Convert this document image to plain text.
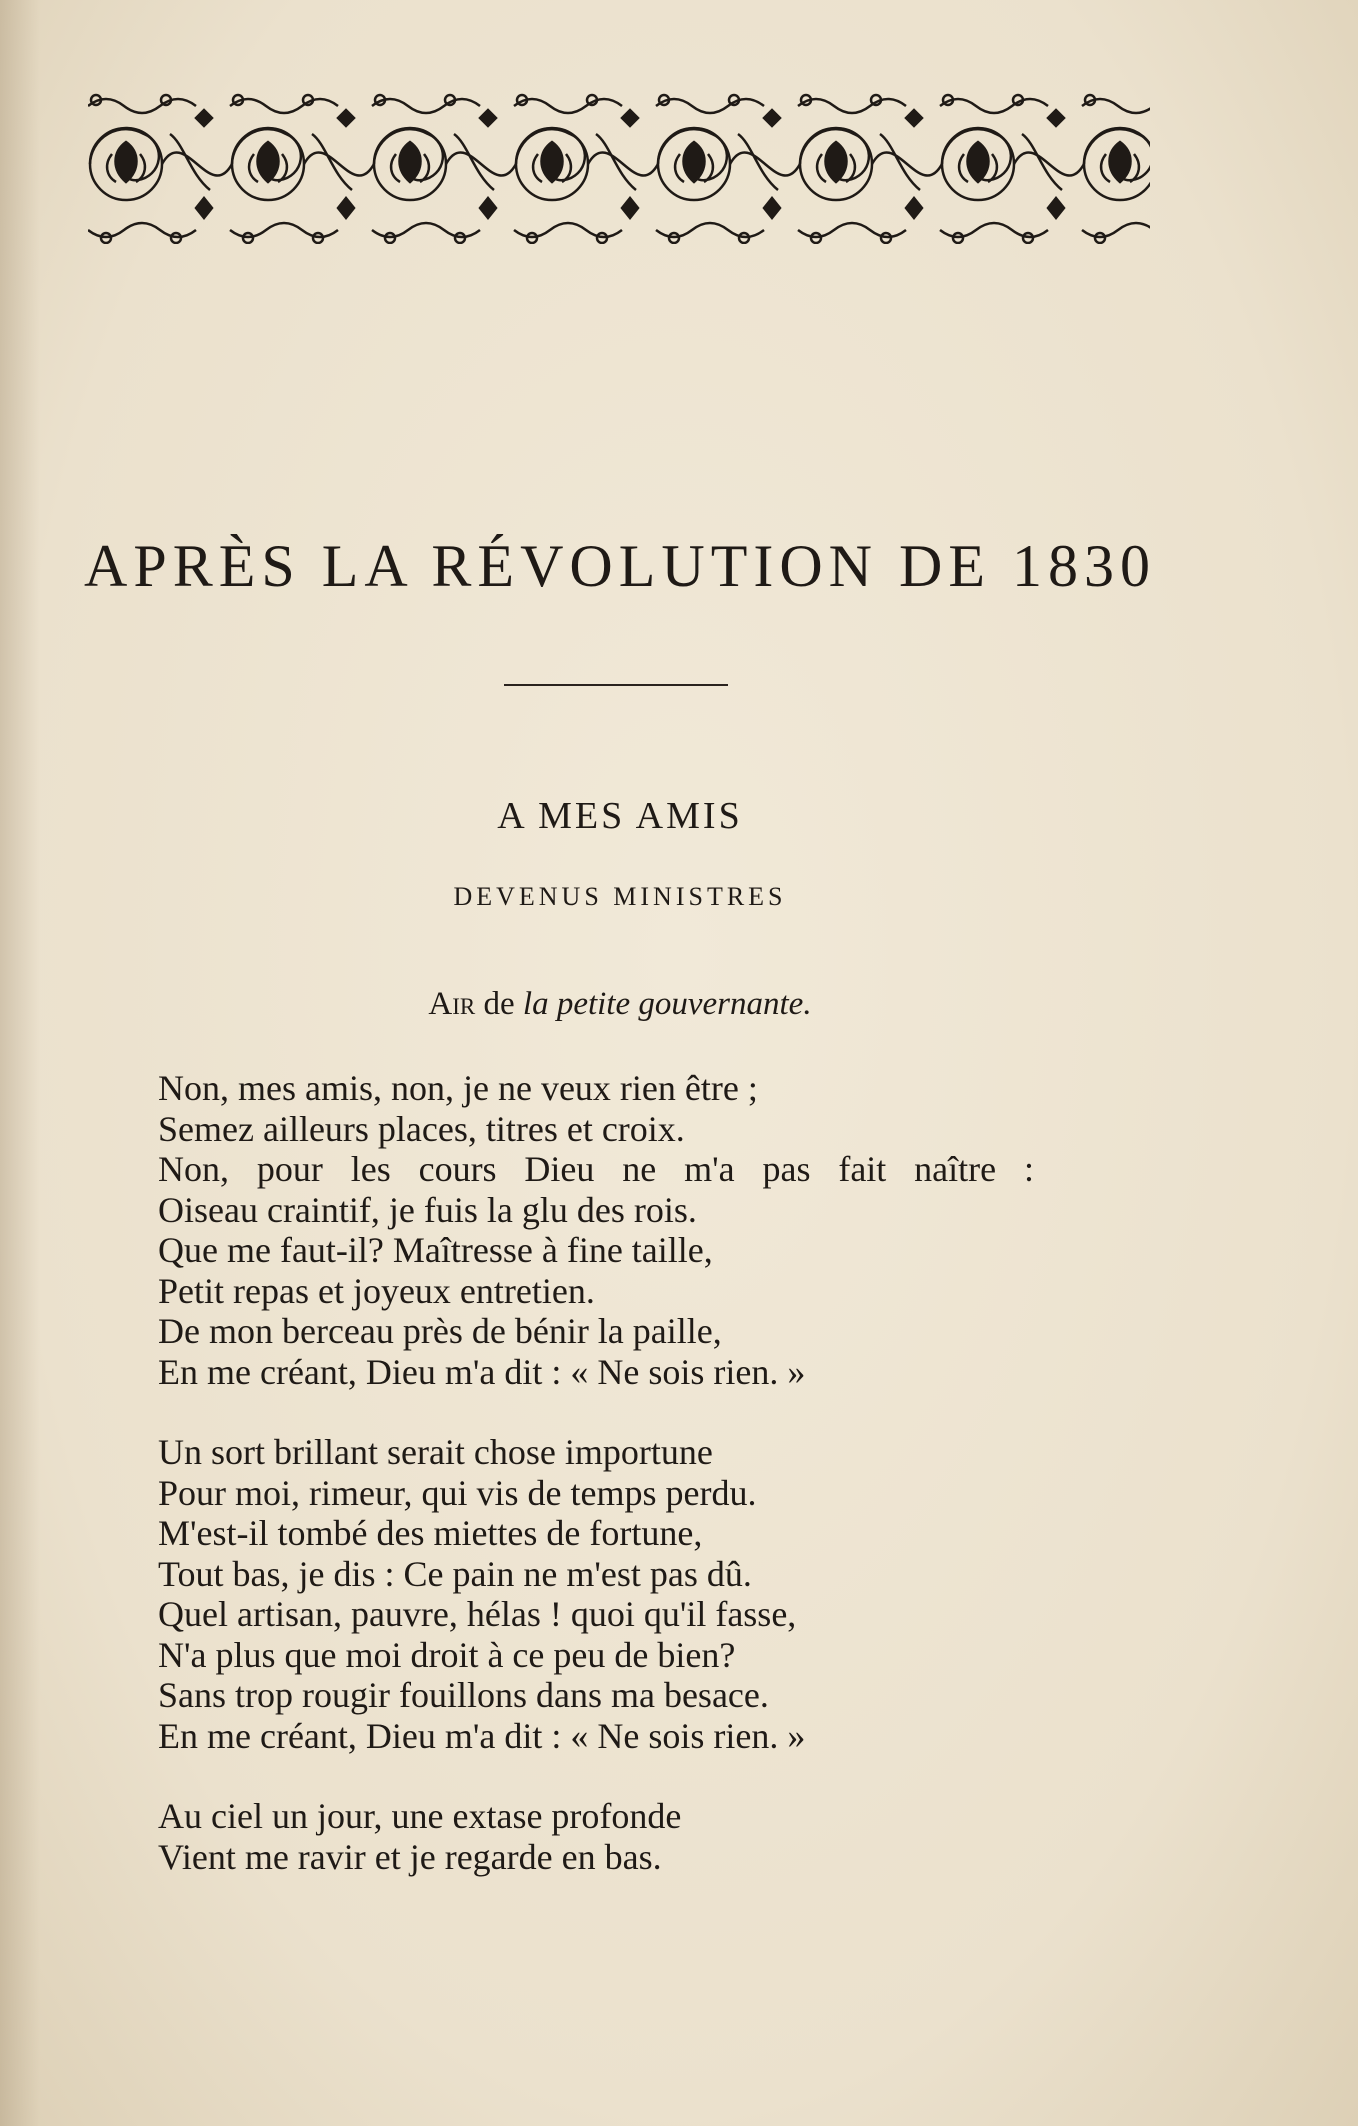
APRÈS LA RÉVOLUTION DE 1830
A MES AMIS
DEVENUS MINISTRES
Air de la petite gouvernante.
Non, mes amis, non, je ne veux rien être ;
Semez ailleurs places, titres et croix.
Non, pour les cours Dieu ne m'a pas fait naître :
Oiseau craintif, je fuis la glu des rois.
Que me faut-il? Maîtresse à fine taille,
Petit repas et joyeux entretien.
De mon berceau près de bénir la paille,
En me créant, Dieu m'a dit : « Ne sois rien. »
Un sort brillant serait chose importune
Pour moi, rimeur, qui vis de temps perdu.
M'est-il tombé des miettes de fortune,
Tout bas, je dis : Ce pain ne m'est pas dû.
Quel artisan, pauvre, hélas ! quoi qu'il fasse,
N'a plus que moi droit à ce peu de bien?
Sans trop rougir fouillons dans ma besace.
En me créant, Dieu m'a dit : « Ne sois rien. »
Au ciel un jour, une extase profonde
Vient me ravir et je regarde en bas.
